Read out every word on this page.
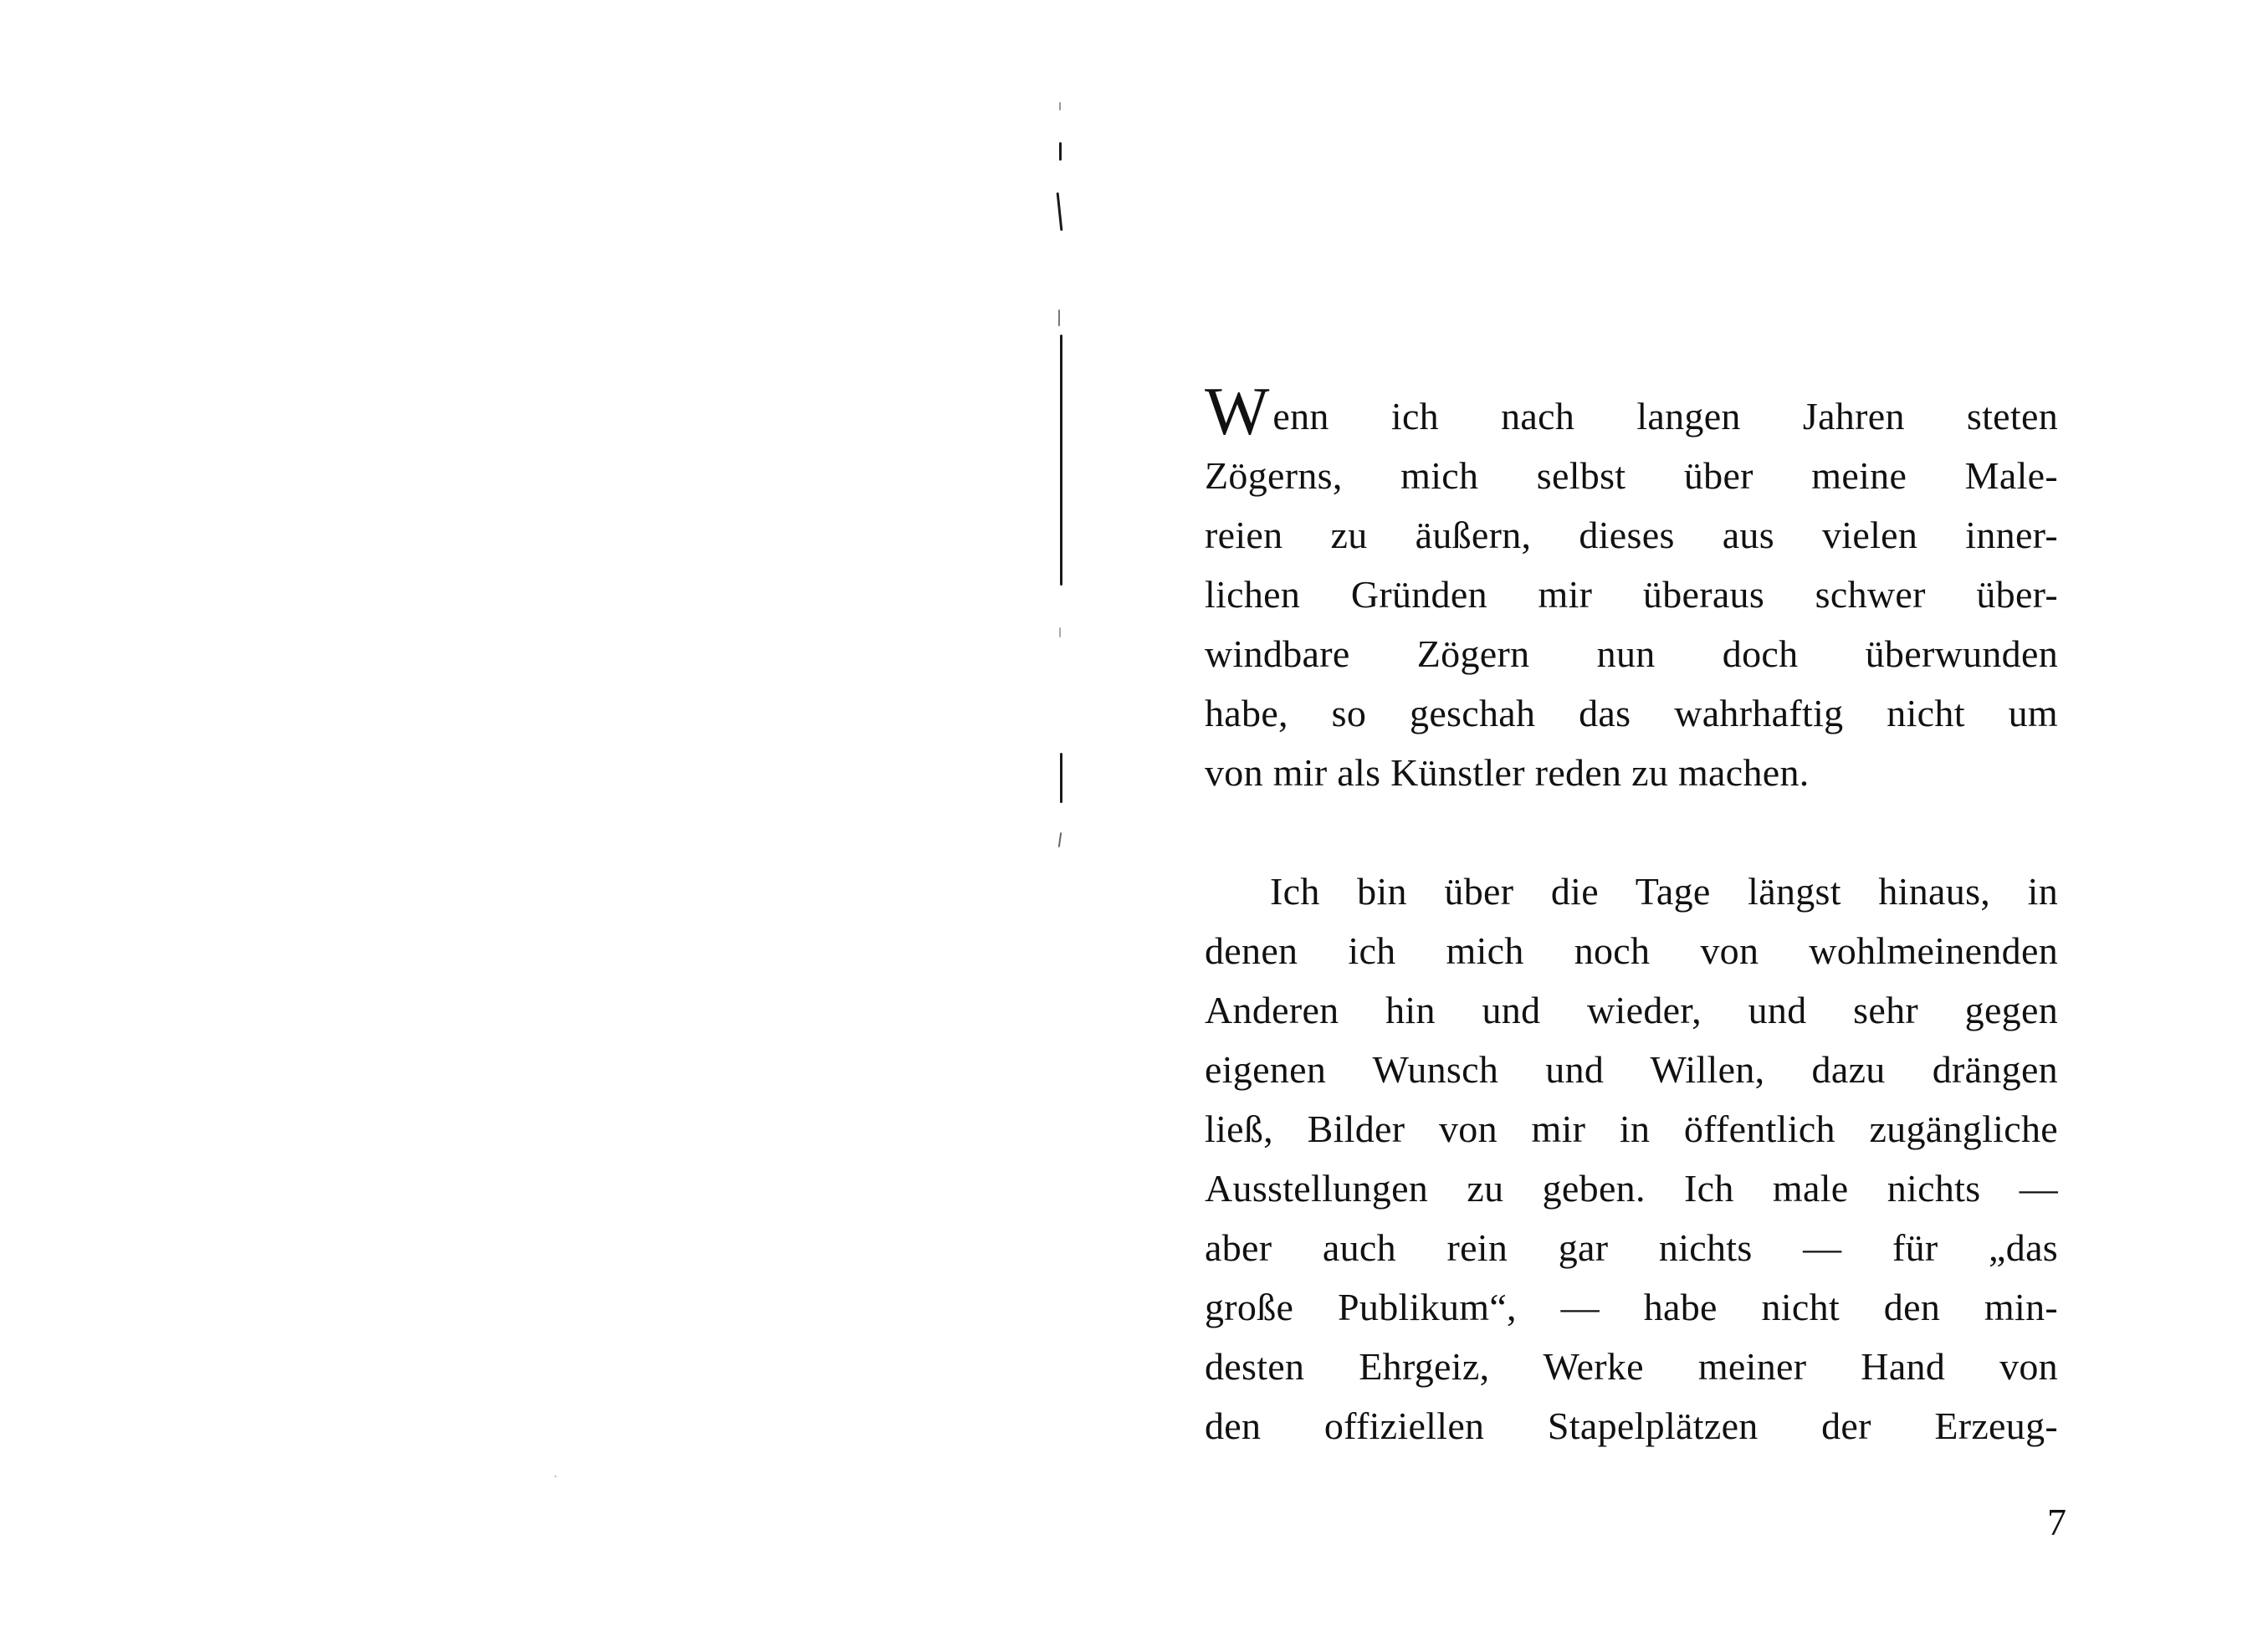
W enn ich nach langen Jahren steten
Zögerns, mich selbst über meine Male-
reien zu äußern, dieses aus vielen inner-
lichen Gründen mir überaus schwer über-
windbare Zögern nun doch überwunden
habe, so geschah das wahrhaftig nicht um
von mir als Künstler reden zu machen.
Ich bin über die Tage längst hinaus, in
denen ich mich noch von wohlmeinenden
Anderen hin und wieder, und sehr gegen
eigenen Wunsch und Willen, dazu drängen
ließ, Bilder von mir in öffentlich zugängliche
Ausstellungen zu geben. Ich male nichts —
aber auch rein gar nichts — für „das
große Publikum“, — habe nicht den min-
desten Ehrgeiz, Werke meiner Hand von
den offiziellen Stapelplätzen der Erzeug-
7
